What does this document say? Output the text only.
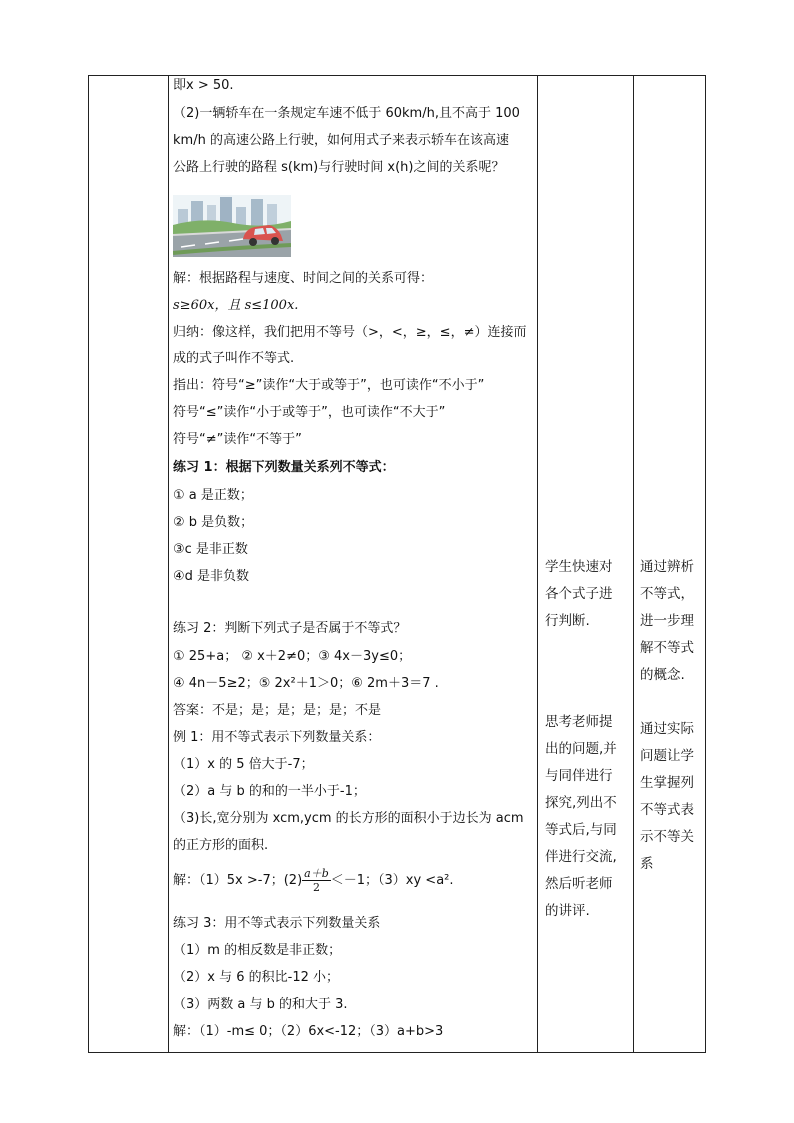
即x > 50.
（2)一辆轿车在一条规定车速不低于 60km/h,且不高于 100
km/h 的高速公路上行驶，如何用式子来表示轿车在该高速
公路上行驶的路程 s(km)与行驶时间 x(h)之间的关系呢？
解：根据路程与速度、时间之间的关系可得：
s≥60x，且 s≤100x.
归纳：像这样，我们把用不等号（>，<，≥，≤，≠）连接而
成的式子叫作不等式.
指出：符号“≥”读作“大于或等于”，也可读作“不小于”
符号“≤”读作“小于或等于”，也可读作“不大于”
符号“≠”读作“不等于”
练习 1：根据下列数量关系列不等式：
① a 是正数；
② b 是负数；
③c 是非正数
④d 是非负数
练习 2：判断下列式子是否属于不等式？
① 25+a； ② x＋2≠0；③ 4x－3y≤0；
④ 4n－5≥2；⑤ 2x²＋1＞0；⑥ 2m＋3＝7 .
答案：不是；是；是；是；是；不是
例 1：用不等式表示下列数量关系：
（1）x 的 5 倍大于-7；
（2）a 与 b 的和的一半小于-1；
（3)长,宽分别为 xcm,ycm 的长方形的面积小于边长为 acm
的正方形的面积.
解：（1）5x >-7；$(2) \frac{a+b}{2} <-1$；（3）xy <a².
练习 3：用不等式表示下列数量关系
（1）m 的相反数是非正数；
（2）x 与 6 的积比-12 小；
（3）两数 a 与 b 的和大于 3.
解：（1）-m≤ 0；（2）6x<-12；（3）a+b>3
学生快速对
各个式子进
行判断.
思考老师提
出的问题,并
与同伴进行
探究,列出不
等式后,与同
伴进行交流,
然后听老师
的讲评.
通过辨析
不等式，
进一步理
解不等式
的概念.
通过实际
问题让学
生掌握列
不等式表
示不等关
系
